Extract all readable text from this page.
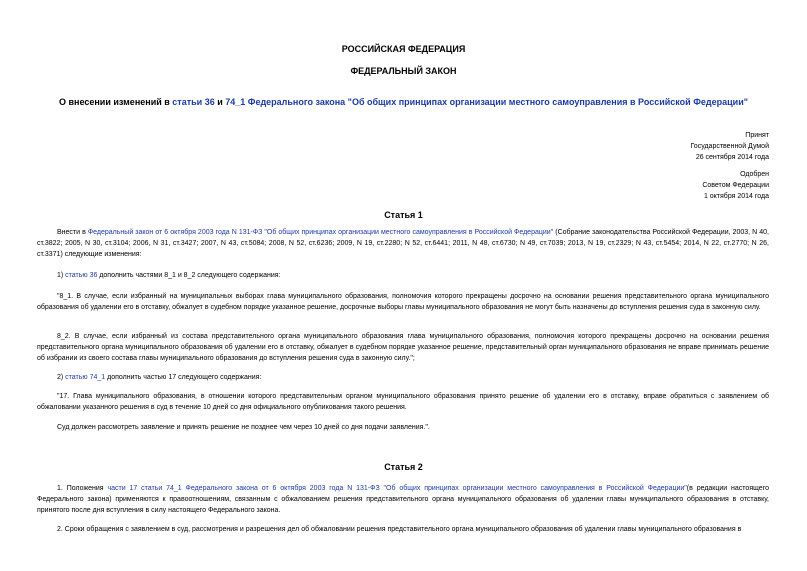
РОССИЙСКАЯ ФЕДЕРАЦИЯ
ФЕДЕРАЛЬНЫЙ ЗАКОН
О внесении изменений в статьи 36 и 74_1 Федерального закона "Об общих принципах организации местного самоуправления в Российской Федерации"
Принят
Государственной Думой
26 сентября 2014 года
Одобрен
Советом Федерации
1 октября 2014 года
Статья 1
Внести в Федеральный закон от 6 октября 2003 года N 131-ФЗ "Об общих принципах организации местного самоуправления в Российской Федерации" (Собрание законодательства Российской Федерации, 2003, N 40, ст.3822; 2005, N 30, ст.3104; 2006, N 31, ст.3427; 2007, N 43, ст.5084; 2008, N 52, ст.6236; 2009, N 19, ст.2280; N 52, ст.6441; 2011, N 48, ст.6730; N 49, ст.7039; 2013, N 19, ст.2329; N 43, ст.5454; 2014, N 22, ст.2770; N 26, ст.3371) следующие изменения:
1) статью 36 дополнить частями 8_1 и 8_2 следующего содержания:
"8_1. В случае, если избранный на муниципальных выборах глава муниципального образования, полномочия которого прекращены досрочно на основании решения представительного органа муниципального образования об удалении его в отставку, обжалует в судебном порядке указанное решение, досрочные выборы главы муниципального образования не могут быть назначены до вступления решения суда в законную силу.
8_2. В случае, если избранный из состава представительного органа муниципального образования глава муниципального образования, полномочия которого прекращены досрочно на основании решения представительного органа муниципального образования об удалении его в отставку, обжалует в судебном порядке указанное решение, представительный орган муниципального образования не вправе принимать решение об избрании из своего состава главы муниципального образования до вступления решения суда в законную силу.";
2) статью 74_1 дополнить частью 17 следующего содержания:
"17. Глава муниципального образования, в отношении которого представительным органом муниципального образования принято решение об удалении его в отставку, вправе обратиться с заявлением об обжаловании указанного решения в суд в течение 10 дней со дня официального опубликования такого решения.
Суд должен рассмотреть заявление и принять решение не позднее чем через 10 дней со дня подачи заявления.".
Статья 2
1. Положения части 17 статьи 74_1 Федерального закона от 6 октября 2003 года N 131-ФЗ "Об общих принципах организации местного самоуправления в Российской Федерации"(в редакции настоящего Федерального закона) применяются к правоотношениям, связанным с обжалованием решения представительного органа муниципального образования об удалении главы муниципального образования в отставку, принятого после дня вступления в силу настоящего Федерального закона.
2. Сроки обращения с заявлением в суд, рассмотрения и разрешения дел об обжаловании решения представительного органа муниципального образования об удалении главы муниципального образования в
